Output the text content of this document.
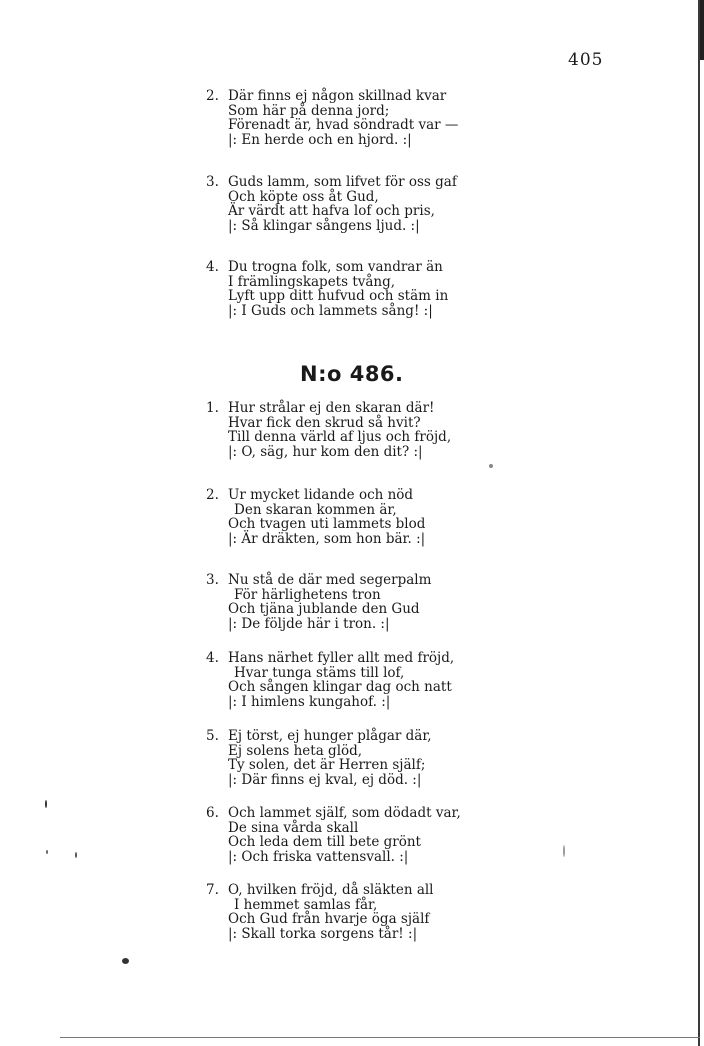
405
2. Där finns ej någon skillnad kvar
Som här på denna jord;
Förenadt är, hvad söndradt var —
|: En herde och en hjord. :|
3. Guds lamm, som lifvet för oss gaf
Och köpte oss åt Gud,
Är värdt att hafva lof och pris,
|: Så klingar sångens ljud. :|
4. Du trogna folk, som vandrar än
I främlingskapets tvång,
Lyft upp ditt hufvud och stäm in
|: I Guds och lammets sång! :|
N:o 486.
1. Hur strålar ej den skaran där!
Hvar fick den skrud så hvit?
Till denna värld af ljus och fröjd,
|: O, säg, hur kom den dit? :|
2. Ur mycket lidande och nöd
Den skaran kommen är,
Och tvagen uti lammets blod
|: Är dräkten, som hon bär. :|
3. Nu stå de där med segerpalm
För härlighetens tron
Och tjäna jublande den Gud
|: De följde här i tron. :|
4. Hans närhet fyller allt med fröjd,
Hvar tunga stäms till lof,
Och sången klingar dag och natt
|: I himlens kungahof. :|
5. Ej törst, ej hunger plågar där,
Ej solens heta glöd,
Ty solen, det är Herren själf;
|: Där finns ej kval, ej död. :|
6. Och lammet själf, som dödadt var,
De sina vårda skall
Och leda dem till bete grönt
|: Och friska vattensvall. :|
7. O, hvilken fröjd, då släkten all
I hemmet samlas får,
Och Gud från hvarje öga själf
|: Skall torka sorgens tår! :|
